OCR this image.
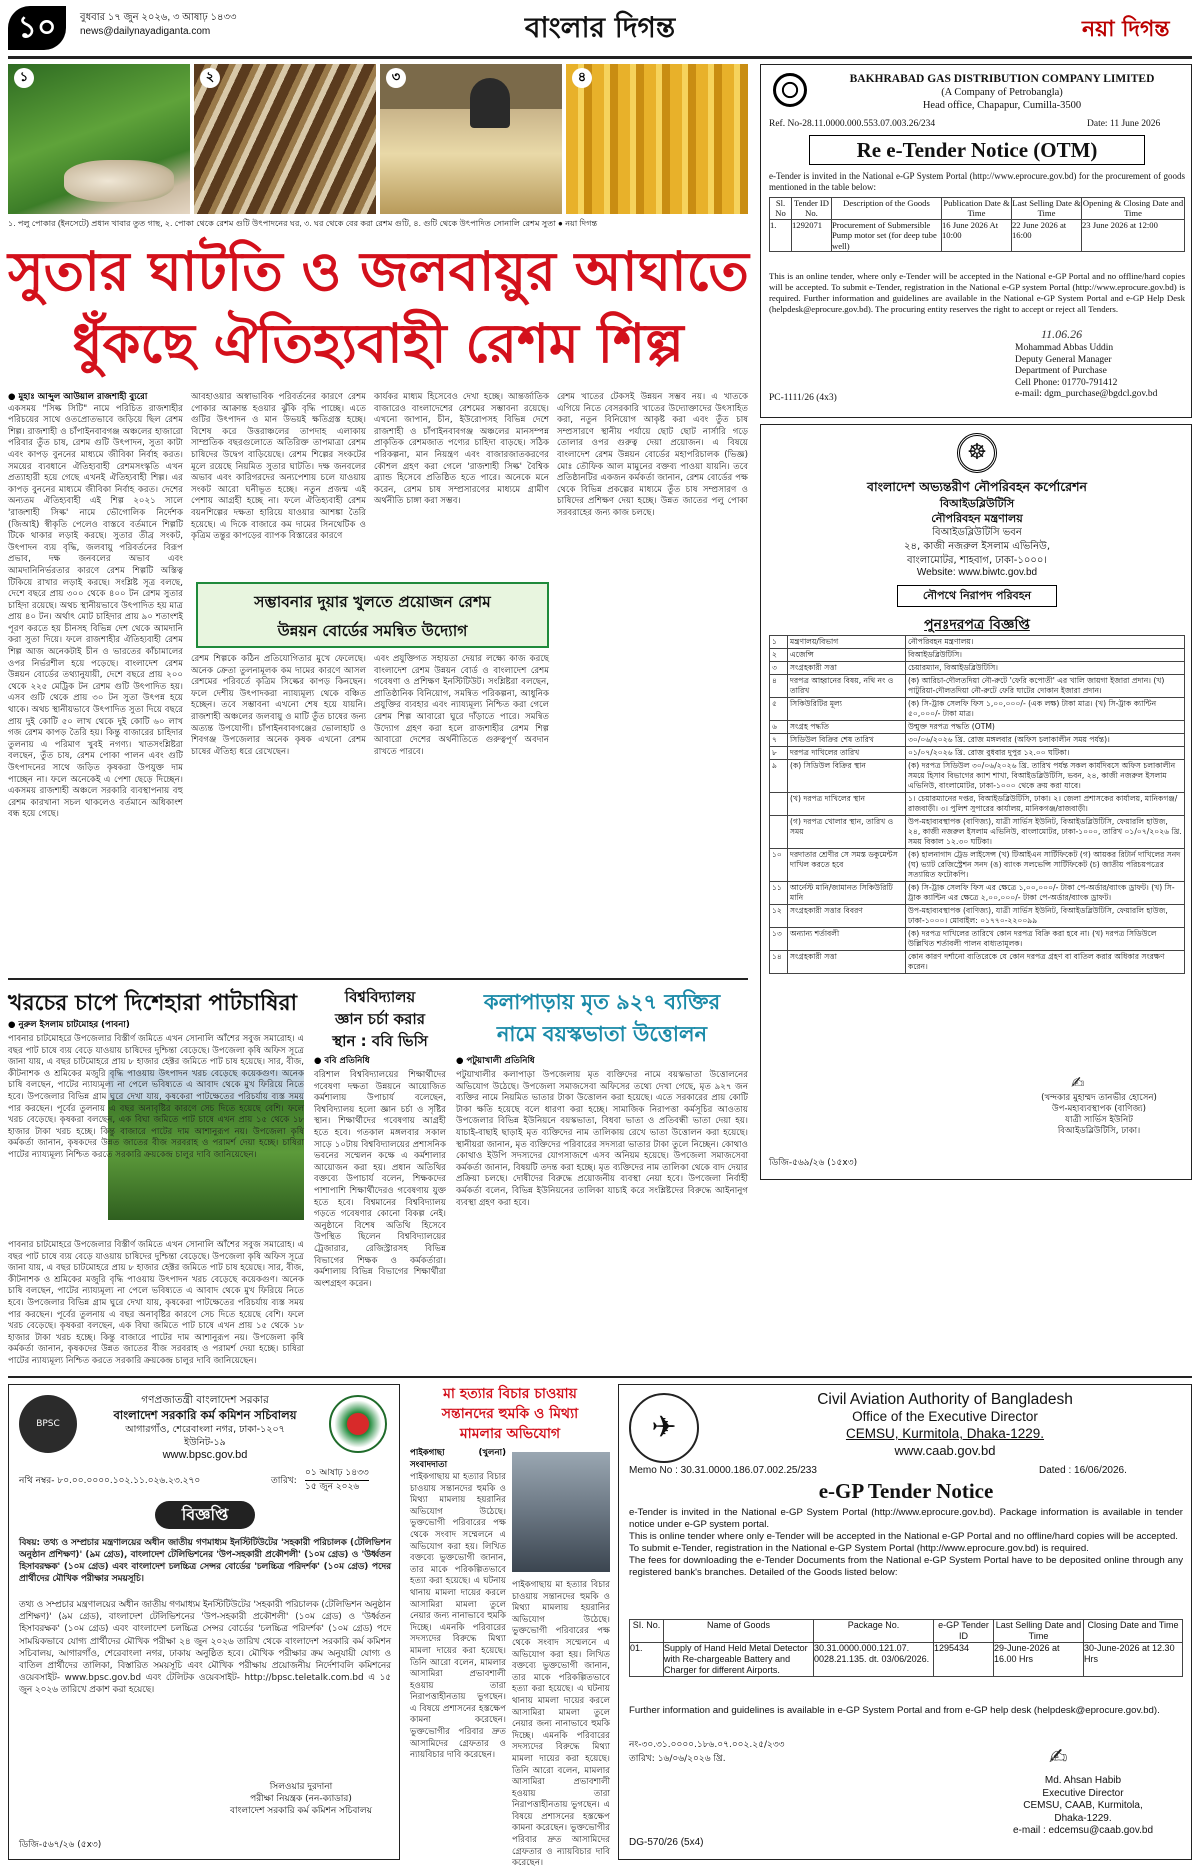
১০	বুধবার ১৭ জুন ২০২৬, ৩ আষাঢ় ১৪৩৩
news@dailynayadiganta.com	বাংলার দিগন্ত	নয়া দিগন্ত
১	২	৩	৪
১. পলু পোকার (ইনসেটে) প্রধান খাবার তুত গাছ, ২. পোকা থেকে রেশম গুটি উৎপাদনের ঘর, ৩. ঘর থেকে বের করা রেশম গুটি, ৪. গুটি থেকে উৎপাদিত সোনালি রেশম সুতা ● নয়া দিগন্ত
সুতার ঘাটতি ও জলবায়ুর আঘাতে
ধুঁকছে ঐতিহ্যবাহী রেশম শিল্প
● মুহাঃ আব্দুল আউয়াল রাজশাহী ব্যুরো
একসময় "সিল্ক সিটি" নামে পরিচিত রাজশাহীর পরিচয়ের সাথে ওতপ্রোতভাবে জড়িয়ে ছিল রেশম শিল্প। রাজশাহী ও চাঁপাইনবাবগঞ্জ অঞ্চলের হাজারো পরিবার তুঁত চাষ, রেশম গুটি উৎপাদন, সুতা কাটা এবং কাপড় বুননের মাধ্যমে জীবিকা নির্বাহ করত। সময়ের ব্যবধানে ঐতিহ্যবাহী রেশমসংস্কৃতি এখন প্রত্যাহারী হয়ে গেছে এখনই ঐতিহ্যবাহী শিল্প। এর কাপড় বুননের মাধ্যমে জীবিকা নির্বাহ করত। দেশের অন্যতম ঐতিহ্যবাহী এই শিল্প ২০২১ সালে 'রাজশাহী সিল্ক' নামে ভৌগোলিক নির্দেশক (জিআই) স্বীকৃতি পেলেও বাস্তবে বর্তমানে শিল্পটি টিকে থাকার লড়াই করছে। সুতার তীব্র সংকট, উৎপাদন ব্যয় বৃদ্ধি, জলবায়ু পরিবর্তনের বিরূপ প্রভাব, দক্ষ জনবলের অভাব এবং আমদানিনির্ভরতার কারণে রেশম শিল্পটি অস্তিত্ব টিকিয়ে রাখার লড়াই করছে। সংশ্লিষ্ট সূত্র বলছে, দেশে বছরে প্রায় ৩০০ থেকে ৪০০ টন রেশম সুতার চাহিদা রয়েছে। অথচ স্থানীয়ভাবে উৎপাদিত হয় মাত্র প্রায় ৪০ টন। অর্থাৎ মোট চাহিদার প্রায় ৯০ শতাংশই পূরণ করতে হয় চীনসহ বিভিন্ন দেশ থেকে আমদানি করা সুতা দিয়ে। ফলে রাজশাহীর ঐতিহ্যবাহী রেশম শিল্প আজ অনেকটাই চীন ও ভারতের কাঁচামালের ওপর নির্ভরশীল হয়ে পড়েছে। বাংলাদেশ রেশম উন্নয়ন বোর্ডের তথ্যানুযায়ী, দেশে বছরে প্রায় ২০০ থেকে ২২৫ মেট্রিক টন রেশম গুটি উৎপাদিত হয়। এসব গুটি থেকে প্রায় ৩০ টন সুতা উৎপন্ন হয়ে থাকে। অথচ স্থানীয়ভাবে উৎপাদিত সুতা দিয়ে বছরে প্রায় দুই কোটি ৫০ লাখ থেকে দুই কোটি ৬০ লাখ গজ রেশম কাপড় তৈরি হয়। কিন্তু বাজারের চাহিদার তুলনায় এ পরিমাণ খুবই নগণ্য। খাতসংশ্লিষ্টরা বলছেন, তুঁত চাষ, রেশম পোকা পালন এবং গুটি উৎপাদনের সাথে জড়িত কৃষকরা উপযুক্ত দাম পাচ্ছেন না। ফলে অনেকেই এ পেশা ছেড়ে দিচ্ছেন। একসময় রাজশাহী অঞ্চলে সরকারি ব্যবস্থাপনায় বহু রেশম কারখানা সচল থাকলেও বর্তমানে অধিকাংশ বন্ধ হয়ে গেছে।
আবহাওয়ার অস্বাভাবিক পরিবর্তনের কারণে রেশম পোকার আক্রান্ত হওয়ার ঝুঁকি বৃদ্ধি পাচ্ছে। এতে গুটির উৎপাদন ও মান উভয়ই ক্ষতিগ্রস্ত হচ্ছে। বিশেষ করে উত্তরাঞ্চলের তাপদাহ এলাকায় সাম্প্রতিক বছরগুলোতে অতিরিক্ত তাপমাত্রা রেশম চাষিদের উদ্বেগ বাড়িয়েছে। রেশম শিল্পের সংকটের মূলে রয়েছে নিয়মিত সুতার ঘাটতি। দক্ষ জনবলের অভাব এবং কারিগরদের অন্যপেশায় চলে যাওয়ায় সংকট আরো ঘনীভূত হচ্ছে। নতুন প্রজন্ম এই পেশায় আগ্রহী হচ্ছে না। ফলে ঐতিহ্যবাহী রেশম বয়নশিল্পের দক্ষতা হারিয়ে যাওয়ার আশঙ্কা তৈরি হয়েছে। এ দিকে বাজারে কম দামের সিনথেটিক ও কৃত্রিম তন্তুর কাপড়ের ব্যাপক বিস্তারের কারণে
কার্যকর মাধ্যম হিসেবেও দেখা হচ্ছে। আন্তর্জাতিক বাজারেও বাংলাদেশের রেশমের সম্ভাবনা রয়েছে। এখনো জাপান, চীন, ইউরোপসহ বিভিন্ন দেশে রাজশাহী ও চাঁপাইনবাবগঞ্জ অঞ্চলের মানসম্পন্ন প্রাকৃতিক রেশমজাত পণ্যের চাহিদা বাড়ছে। সঠিক পরিকল্পনা, মান নিয়ন্ত্রণ এবং বাজারজাতকরণের কৌশল গ্রহণ করা গেলে 'রাজশাহী সিল্ক' বৈশ্বিক ব্র্যান্ড হিসেবে প্রতিষ্ঠিত হতে পারে। অনেকে মনে করেন, রেশম চাষ সম্প্রসারণের মাধ্যমে গ্রামীণ অর্থনীতি চাঙ্গা করা সম্ভব।
রেশম খাতের টেকসই উন্নয়ন সম্ভব নয়। এ খাতকে এগিয়ে নিতে বেসরকারি খাতের উদ্যোক্তাদের উৎসাহিত করা, নতুন বিনিয়োগ আকৃষ্ট করা এবং তুঁত চাষ সম্প্রসারণে স্থানীয় পর্যায়ে ছোট ছোট নার্সারি গড়ে তোলার ওপর গুরুত্ব দেয়া প্রয়োজন। এ বিষয়ে বাংলাদেশ রেশম উন্নয়ন বোর্ডের মহাপরিচালক (ভিজ্ঞ) মোঃ তৌফিক আল মামুনের বক্তব্য পাওয়া যায়নি। তবে প্রতিষ্ঠানটির একজন কর্মকর্তা জানান, রেশম বোর্ডের পক্ষ থেকে বিভিন্ন প্রকল্পের মাধ্যমে তুঁত চাষ সম্প্রসারণ ও চাষিদের প্রশিক্ষণ দেয়া হচ্ছে। উন্নত জাতের পলু পোকা সরবরাহের জন্য কাজ চলছে।
সম্ভাবনার দুয়ার খুলতে প্রয়োজন রেশম
উন্নয়ন বোর্ডের সমন্বিত উদ্যোগ
রেশম শিল্পকে কঠিন প্রতিযোগিতার মুখে ফেলেছে। অনেক ক্রেতা তুলনামূলক কম দামের কারণে আসল রেশমের পরিবর্তে কৃত্রিম সিল্কের কাপড় কিনছেন। ফলে দেশীয় উৎপাদকরা ন্যায্যমূল্য থেকে বঞ্চিত হচ্ছেন। তবে সম্ভাবনা এখনো শেষ হয়ে যায়নি। রাজশাহী অঞ্চলের জলবায়ু ও মাটি তুঁত চাষের জন্য অত্যন্ত উপযোগী। চাঁপাইনবাবগঞ্জের ভোলাহাট ও শিবগঞ্জ উপজেলার অনেক কৃষক এখনো রেশম চাষের ঐতিহ্য ধরে রেখেছেন।
এবং প্রযুক্তিগত সহায়তা দেয়ার লক্ষ্যে কাজ করছে বাংলাদেশ রেশম উন্নয়ন বোর্ড ও বাংলাদেশ রেশম গবেষণা ও প্রশিক্ষণ ইনস্টিটিউট। সংশ্লিষ্টরা বলছেন, প্রাতিষ্ঠানিক বিনিয়োগ, সমন্বিত পরিকল্পনা, আধুনিক প্রযুক্তির ব্যবহার এবং ন্যায্যমূল্য নিশ্চিত করা গেলে রেশম শিল্প আবারো ঘুরে দাঁড়াতে পারে। সমন্বিত উদ্যোগ গ্রহণ করা হলে রাজশাহীর রেশম শিল্প আবারো দেশের অর্থনীতিতে গুরুত্বপূর্ণ অবদান রাখতে পারবে।
খরচের চাপে দিশেহারা পাটচাষিরা
● নুরুল ইসলাম চাটমোহর (পাবনা)
পাবনার চাটমোহরে উপজেলার বিস্তীর্ণ জমিতে এখন সোনালি আঁশের সবুজ সমারোহ। এ বছর পাট চাষে ব্যয় বেড়ে যাওয়ায় চাষিদের দুশ্চিন্তা বেড়েছে। উপজেলা কৃষি অফিস সূত্রে জানা যায়, এ বছর চাটমোহরে প্রায় ৮ হাজার হেক্টর জমিতে পাট চাষ হয়েছে। সার, বীজ, কীটনাশক ও শ্রমিকের মজুরি বৃদ্ধি পাওয়ায় উৎপাদন খরচ বেড়েছে কয়েকগুণ। অনেক চাষি বলছেন, পাটের ন্যায্যমূল্য না পেলে ভবিষ্যতে এ আবাদ থেকে মুখ ফিরিয়ে নিতে হবে। উপজেলার বিভিন্ন গ্রাম ঘুরে দেখা যায়, কৃষকেরা পাটক্ষেতের পরিচর্যায় ব্যস্ত সময় পার করছেন। পূর্বের তুলনায় এ বছর অনাবৃষ্টির কারণে সেচ দিতে হয়েছে বেশি। ফলে খরচ বেড়েছে। কৃষকরা বলছেন, এক বিঘা জমিতে পাট চাষে এখন প্রায় ১৫ থেকে ১৮ হাজার টাকা খরচ হচ্ছে। কিন্তু বাজারে পাটের দাম আশানুরূপ নয়। উপজেলা কৃষি কর্মকর্তা জানান, কৃষকদের উন্নত জাতের বীজ সরবরাহ ও পরামর্শ দেয়া হচ্ছে। চাষিরা পাটের ন্যায্যমূল্য নিশ্চিত করতে সরকারি ক্রয়কেন্দ্র চালুর দাবি জানিয়েছেন।
বিশ্ববিদ্যালয়
জ্ঞান চর্চা করার
স্থান : ববি ভিসি
● ববি প্রতিনিধি
বরিশাল বিশ্ববিদ্যালয়ের শিক্ষার্থীদের গবেষণা দক্ষতা উন্নয়নে আয়োজিত কর্মশালায় উপাচার্য বলেছেন, বিশ্ববিদ্যালয় হলো জ্ঞান চর্চা ও সৃষ্টির স্থান। শিক্ষার্থীদের গবেষণায় আগ্রহী হতে হবে। গতকাল মঙ্গলবার সকাল সাড়ে ১০টায় বিশ্ববিদ্যালয়ের প্রশাসনিক ভবনের সম্মেলন কক্ষে এ কর্মশালার আয়োজন করা হয়। প্রধান অতিথির বক্তব্যে উপাচার্য বলেন, শিক্ষকদের পাশাপাশি শিক্ষার্থীদেরও গবেষণায় যুক্ত হতে হবে। বিশ্বমানের বিশ্ববিদ্যালয় গড়তে গবেষণার কোনো বিকল্প নেই। অনুষ্ঠানে বিশেষ অতিথি হিসেবে উপস্থিত ছিলেন বিশ্ববিদ্যালয়ের ট্রেজারার, রেজিস্ট্রারসহ বিভিন্ন বিভাগের শিক্ষক ও কর্মকর্তারা। কর্মশালায় বিভিন্ন বিভাগের শিক্ষার্থীরা অংশগ্রহণ করেন।
কলাপাড়ায় মৃত ৯২৭ ব্যক্তির
নামে বয়স্কভাতা উত্তোলন
● পটুয়াখালী প্রতিনিধি
পটুয়াখালীর কলাপাড়া উপজেলায় মৃত ব্যক্তিদের নামে বয়স্কভাতা উত্তোলনের অভিযোগ উঠেছে। উপজেলা সমাজসেবা অফিসের তথ্যে দেখা গেছে, মৃত ৯২৭ জন ব্যক্তির নামে নিয়মিত ভাতার টাকা উত্তোলন করা হয়েছে। এতে সরকারের প্রায় কোটি টাকা ক্ষতি হয়েছে বলে ধারণা করা হচ্ছে। সামাজিক নিরাপত্তা কর্মসূচির আওতায় উপজেলার বিভিন্ন ইউনিয়নে বয়স্কভাতা, বিধবা ভাতা ও প্রতিবন্ধী ভাতা দেয়া হয়। যাচাই-বাছাই ছাড়াই মৃত ব্যক্তিদের নাম তালিকায় রেখে ভাতা উত্তোলন করা হয়েছে। স্থানীয়রা জানান, মৃত ব্যক্তিদের পরিবারের সদস্যরা ভাতার টাকা তুলে নিচ্ছেন। কোথাও কোথাও ইউপি সদস্যদের যোগসাজশে এসব অনিয়ম হয়েছে। উপজেলা সমাজসেবা কর্মকর্তা জানান, বিষয়টি তদন্ত করা হচ্ছে। মৃত ব্যক্তিদের নাম তালিকা থেকে বাদ দেয়ার প্রক্রিয়া চলছে। দোষীদের বিরুদ্ধে প্রয়োজনীয় ব্যবস্থা নেয়া হবে। উপজেলা নির্বাহী কর্মকর্তা বলেন, বিভিন্ন ইউনিয়নের তালিকা যাচাই করে সংশ্লিষ্টদের বিরুদ্ধে আইনানুগ ব্যবস্থা গ্রহণ করা হবে।
পাবনার চাটমোহরে উপজেলার বিস্তীর্ণ জমিতে এখন সোনালি আঁশের সবুজ সমারোহ। এ বছর পাট চাষে ব্যয় বেড়ে যাওয়ায় চাষিদের দুশ্চিন্তা বেড়েছে। উপজেলা কৃষি অফিস সূত্রে জানা যায়, এ বছর চাটমোহরে প্রায় ৮ হাজার হেক্টর জমিতে পাট চাষ হয়েছে। সার, বীজ, কীটনাশক ও শ্রমিকের মজুরি বৃদ্ধি পাওয়ায় উৎপাদন খরচ বেড়েছে কয়েকগুণ। অনেক চাষি বলছেন, পাটের ন্যায্যমূল্য না পেলে ভবিষ্যতে এ আবাদ থেকে মুখ ফিরিয়ে নিতে হবে। উপজেলার বিভিন্ন গ্রাম ঘুরে দেখা যায়, কৃষকেরা পাটক্ষেতের পরিচর্যায় ব্যস্ত সময় পার করছেন। পূর্বের তুলনায় এ বছর অনাবৃষ্টির কারণে সেচ দিতে হয়েছে বেশি। ফলে খরচ বেড়েছে। কৃষকরা বলছেন, এক বিঘা জমিতে পাট চাষে এখন প্রায় ১৫ থেকে ১৮ হাজার টাকা খরচ হচ্ছে। কিন্তু বাজারে পাটের দাম আশানুরূপ নয়। উপজেলা কৃষি কর্মকর্তা জানান, কৃষকদের উন্নত জাতের বীজ সরবরাহ ও পরামর্শ দেয়া হচ্ছে। চাষিরা পাটের ন্যায্যমূল্য নিশ্চিত করতে সরকারি ক্রয়কেন্দ্র চালুর দাবি জানিয়েছেন।
BAKHRABAD GAS DISTRIBUTION COMPANY LIMITED
(A Company of Petrobangla)
Head office, Chapapur, Cumilla-3500
Ref. No-28.11.0000.000.553.07.003.26/234	Date: 11 June 2026
Re e-Tender Notice (OTM)
e-Tender is invited in the National e-GP System Portal (http://www.eprocure.gov.bd) for the procurement of goods mentioned in the table below:
Sl. No	Tender ID No.	Description of the Goods	Publication Date & Time	Last Selling Date & Time	Opening & Closing Date and Time
1.	1292071	Procurement of Submersible Pump motor set (for deep tube well)	16 June 2026 At 10:00	22 June 2026 at 16:00	23 June 2026 at 12:00
This is an online tender, where only e-Tender will be accepted in the National e-GP Portal and no offline/hard copies will be accepted. To submit e-Tender, registration in the National e-GP system Portal (http://www.eprocure.gov.bd) is required. Further information and guidelines are available in the National e-GP System Portal and e-GP Help Desk (helpdesk@eprocure.gov.bd). The procuring entity reserves the right to accept or reject all Tenders.
11.06.26
Mohammad Abbas Uddin
Deputy General Manager
Department of Purchase
Cell Phone: 01770-791412
e-mail: dgm_purchase@bgdcl.gov.bd
PC-1111/26 (4x3)
☸
বাংলাদেশ অভ্যন্তরীণ নৌপরিবহন কর্পোরেশন
বিআইডব্লিউটিসি
নৌপরিবহন মন্ত্রণালয়
বিআইডব্লিউটিসি ভবন
২৪, কাজী নজরুল ইসলাম এভিনিউ,
বাংলামোটর, শাহবাগ, ঢাকা-১০০০।
Website: www.biwtc.gov.bd
নৌপথে নিরাপদ পরিবহন
পুনঃদরপত্র বিজ্ঞপ্তি
১	মন্ত্রণালয়/বিভাগ	নৌপরিবহন মন্ত্রণালয়।
২	এজেন্সি	বিআইডব্লিউটিসি।
৩	সংগ্রহকারী সত্তা	চেয়ারম্যান, বিআইডব্লিউটিসি।
৪	দরপত্র আহ্বানের বিষয়, নথি নং ও তারিখ	(ক) আরিচা-দৌলতদিয়া নৌ-রুটে 'ফেরি কপোতী' এর খালি জায়গা ইজারা প্রদান। (খ) পাটুরিয়া-দৌলতদিয়া নৌ-রুটে ফেরি ঘাটের দোকান ইজারা প্রদান।
৫	সিকিউরিটির মূল্য	(ক) সি-ট্রাক সেলফি ফিস ১,০০,০০০/- (এক লক্ষ) টাকা মাত্র। (খ) সি-ট্রাক ক্যান্টিন ৫০,০০০/- টাকা মাত্র।
৬	সংগ্রহ পদ্ধতি	উন্মুক্ত দরপত্র পদ্ধতি (OTM)
৭	সিডিউল বিক্রির শেষ তারিখ	৩০/০৬/২০২৬ খ্রি. রোজ মঙ্গলবার (অফিস চলাকালীন সময় পর্যন্ত)।
৮	দরপত্র দাখিলের তারিখ	০১/০৭/২০২৬ খ্রি. রোজ বুধবার দুপুর ১২.০০ ঘটিকা।
৯	(ক) সিডিউল বিক্রির স্থান	(ক) দরপত্র সিডিউল ৩০/০৬/২০২৬ খ্রি. তারিখ পর্যন্ত সকল কার্যদিবসে অফিস চলাকালীন সময়ে হিসাব বিভাগের ক্যাশ শাখা, বিআইডব্লিউটিসি, ভবন, ২৪, কাজী নজরুল ইসলাম এভিনিউ, বাংলামোটর, ঢাকা-১০০০ থেকে ক্রয় করা যাবে।
	(খ) দরপত্র দাখিলের স্থান	১। চেয়ারম্যানের দপ্তর, বিআইডব্লিউটিসি, ঢাকা। ২। জেলা প্রশাসকের কার্যালয়, মানিকগঞ্জ/রাজবাড়ী। ৩। পুলিশ সুপারের কার্যালয়, মানিকগঞ্জ/রাজবাড়ী।
	(গ) দরপত্র খোলার স্থান, তারিখ ও সময়	উপ-মহাব্যবস্থাপক (বাণিজ্য), যাত্রী সার্ভিস ইউনিট, বিআইডব্লিউটিসি, ফেয়ারলি হাউজ, ২৪, কাজী নজরুল ইসলাম এভিনিউ, বাংলামোটর, ঢাকা-১০০০, তারিখ ০১/০৭/২০২৬ খ্রি. সময় বিকাল ১২.৩০ ঘটিকা।
১০	দরদাতার শ্রেণীর সে সমস্ত ডকুমেন্টস দাখিল করতে হবে	(ক) হালনাগাদ ট্রেড লাইসেন্স (খ) টিআইএন সার্টিফিকেট (গ) আয়কর রিটার্ন দাখিলের সনদ (ঘ) ভ্যাট রেজিস্ট্রেশন সনদ (ঙ) ব্যাংক সলভেন্সি সার্টিফিকেট (চ) জাতীয় পরিচয়পত্রের সত্যায়িত ফটোকপি।
১১	আর্নেস্ট মানি/জামানত সিকিউরিটি মানি	(ক) সি-ট্রাক সেলফি ফিস এর ক্ষেত্রে ১,০০,০০০/- টাকা পে-অর্ডার/ব্যাংক ড্রাফট। (খ) সি-ট্রাক ক্যান্টিন এর ক্ষেত্রে ২,০০,০০০/- টাকা পে-অর্ডার/ব্যাংক ড্রাফট।
১২	সংগ্রহকারী সত্তার বিবরণ	উপ-মহাব্যবস্থাপক (বাণিজ্য), যাত্রী সার্ভিস ইউনিট, বিআইডব্লিউটিসি, ফেয়ারলি হাউজ, ঢাকা-১০০০। মোবাইল: ০১৭৭০-২২০০৯৯
১৩	অন্যান্য শর্তাবলী	(ক) দরপত্র দাখিলের তারিখে কোন দরপত্র বিক্রি করা হবে না। (খ) দরপত্র সিডিউলে উল্লিখিত শর্তাবলী পালন বাধ্যতামূলক।
১৪	সংগ্রহকারী সত্তা	কোন কারণ দর্শানো ব্যতিরেকে যে কোন দরপত্র গ্রহণ বা বাতিল করার অধিকার সংরক্ষণ করেন।
✍
(খন্দকার মুহাম্মদ তানভীর হোসেন)
উপ-মহাব্যবস্থাপক (বাণিজ্য)
যাত্রী সার্ভিস ইউনিট
বিআইডব্লিউটিসি, ঢাকা।
ডিজি-৫৬৯/২৬ (১৫x৩)
BPSC
গণপ্রজাতন্ত্রী বাংলাদেশ সরকার
বাংলাদেশ সরকারি কর্ম কমিশন সচিবালয়
আগারগাঁও, শেরেবাংলা নগর, ঢাকা-১২০৭
ইউনিট-১৯
www.bpsc.gov.bd
নথি নম্বর- ৮০.০০.০০০০.১০২.১১.০২৬.২৩.২৭০	তারিখ:
০১ আষাঢ় ১৪৩৩
১৫ জুন ২০২৬
বিজ্ঞপ্তি
বিষয়: তথ্য ও সম্প্রচার মন্ত্রণালয়ের অধীন জাতীয় গণমাধ্যম ইনস্টিটিউটের 'সহকারী পরিচালক (টেলিভিশন অনুষ্ঠান প্রশিক্ষণ)' (৯ম গ্রেড), বাংলাদেশ টেলিভিশনের 'উপ-সহকারী প্রকৌশলী' (১০ম গ্রেড) ও 'উর্ধ্বতন হিসাবরক্ষক' (১০ম গ্রেড) এবং বাংলাদেশ চলচ্চিত্র সেন্সর বোর্ডের 'চলচ্চিত্র পরিদর্শক' (১০ম গ্রেড) পদের প্রার্থীদের মৌখিক পরীক্ষার সময়সূচি।
তথ্য ও সম্প্রচার মন্ত্রণালয়ের অধীন জাতীয় গণমাধ্যম ইনস্টিটিউটের 'সহকারী পরিচালক (টেলিভিশন অনুষ্ঠান প্রশিক্ষণ)' (৯ম গ্রেড), বাংলাদেশ টেলিভিশনের 'উপ-সহকারী প্রকৌশলী' (১০ম গ্রেড) ও 'উর্ধ্বতন হিসাবরক্ষক' (১০ম গ্রেড) এবং বাংলাদেশ চলচ্চিত্র সেন্সর বোর্ডের 'চলচ্চিত্র পরিদর্শক' (১০ম গ্রেড) পদে সাময়িকভাবে যোগ্য প্রার্থীদের মৌখিক পরীক্ষা ২৪ জুন ২০২৬ তারিখ থেকে বাংলাদেশ সরকারি কর্ম কমিশন সচিবালয়, আগারগাঁও, শেরেবাংলা নগর, ঢাকায় অনুষ্ঠিত হবে। মৌখিক পরীক্ষার ক্রম অনুযায়ী যোগ্য ও বাতিল প্রার্থীদের তালিকা, বিস্তারিত সময়সূচি এবং মৌখিক পরীক্ষায় প্রয়োজনীয় নির্দেশাবলি কমিশনের ওয়েবসাইট- www.bpsc.gov.bd এবং টেলিটক ওয়েবসাইট- http://bpsc.teletalk.com.bd এ ১৫ জুন ২০২৬ তারিখে প্রকাশ করা হয়েছে।
সিলওয়ার দুরদানা
পরীক্ষা নিয়ন্ত্রক (নন-ক্যাডার)
বাংলাদেশ সরকারি কর্ম কমিশন সচিবালয়
ডিজি-৫৬৭/২৬ (৫x৩)
মা হত্যার বিচার চাওয়ায়
সন্তানদের হুমকি ও মিথ্যা
মামলার অভিযোগ
পাইকগাছা (খুলনা) সংবাদদাতা
পাইকগাছায় মা হত্যার বিচার চাওয়ায় সন্তানদের হুমকি ও মিথ্যা মামলায় হয়রানির অভিযোগ উঠেছে। ভুক্তভোগী পরিবারের পক্ষ থেকে সংবাদ সম্মেলনে এ অভিযোগ করা হয়। লিখিত বক্তব্যে ভুক্তভোগী জানান, তার মাকে পরিকল্পিতভাবে হত্যা করা হয়েছে। এ ঘটনায় থানায় মামলা দায়ের করলে আসামিরা মামলা তুলে নেয়ার জন্য নানাভাবে হুমকি দিচ্ছে। এমনকি পরিবারের সদস্যদের বিরুদ্ধে মিথ্যা মামলা দায়ের করা হয়েছে। তিনি আরো বলেন, মামলার আসামিরা প্রভাবশালী হওয়ায় তারা নিরাপত্তাহীনতায় ভুগছেন। এ বিষয়ে প্রশাসনের হস্তক্ষেপ কামনা করেছেন। ভুক্তভোগীর পরিবার দ্রুত আসামিদের গ্রেফতার ও ন্যায়বিচার দাবি করেছেন।
পাইকগাছায় মা হত্যার বিচার চাওয়ায় সন্তানদের হুমকি ও মিথ্যা মামলায় হয়রানির অভিযোগ উঠেছে। ভুক্তভোগী পরিবারের পক্ষ থেকে সংবাদ সম্মেলনে এ অভিযোগ করা হয়। লিখিত বক্তব্যে ভুক্তভোগী জানান, তার মাকে পরিকল্পিতভাবে হত্যা করা হয়েছে। এ ঘটনায় থানায় মামলা দায়ের করলে আসামিরা মামলা তুলে নেয়ার জন্য নানাভাবে হুমকি দিচ্ছে। এমনকি পরিবারের সদস্যদের বিরুদ্ধে মিথ্যা মামলা দায়ের করা হয়েছে। তিনি আরো বলেন, মামলার আসামিরা প্রভাবশালী হওয়ায় তারা নিরাপত্তাহীনতায় ভুগছেন। এ বিষয়ে প্রশাসনের হস্তক্ষেপ কামনা করেছেন। ভুক্তভোগীর পরিবার দ্রুত আসামিদের গ্রেফতার ও ন্যায়বিচার দাবি করেছেন।
✈
Civil Aviation Authority of Bangladesh
Office of the Executive Director
CEMSU, Kurmitola, Dhaka-1229.
www.caab.gov.bd
Memo No : 30.31.0000.186.07.002.25/233	Dated : 16/06/2026.
e-GP Tender Notice
e-Tender is invited in the National e-GP System Portal (http://www.eprocure.gov.bd). Package information is available in tender notice under e-GP system portal.
This is online tender where only e-Tender will be accepted in the National e-GP Portal and no offline/hard copies will be accepted.
To submit e-Tender, registration in the National e-GP System Portal (http://www.eprocure.gov.bd) is required.
The fees for downloading the e-Tender Documents from the National e-GP System Portal have to be deposited online through any registered bank's branches. Detailed of the Goods listed below:
SI. No.	Name of Goods	Package No.	e-GP Tender ID	Last Selling Date and Time	Closing Date and Time
01.	Supply of Hand Held Metal Detector with Re-chargeable Battery and Charger for different Airports.	30.31.0000.000.121.07. 0028.21.135. dt. 03/06/2026.	1295434	29-June-2026 at 16.00 Hrs	30-June-2026 at 12.30 Hrs
Further information and guidelines is available in e-GP System Portal and from e-GP help desk (helpdesk@eprocure.gov.bd).
নং-৩০.৩১.০০০০.১৮৬.০৭.০০২.২৫/২৩৩
তারিখ: ১৬/০৬/২০২৬ খ্রি.	✍
Md. Ahsan Habib
Executive Director
CEMSU, CAAB, Kurmitola,
Dhaka-1229.
e-mail : edcemsu@caab.gov.bd
DG-570/26 (5x4)
